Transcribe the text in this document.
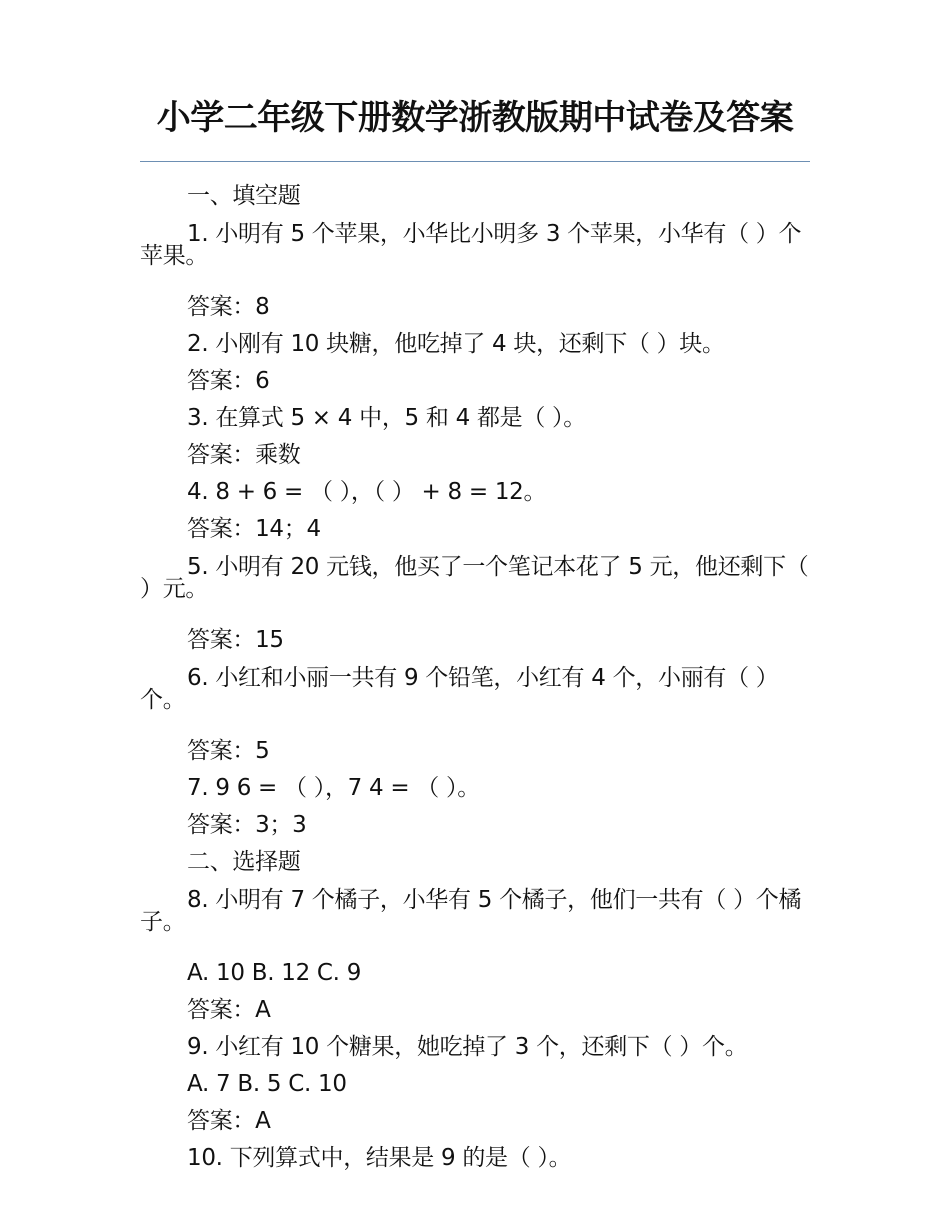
小学二年级下册数学浙教版期中试卷及答案
一、填空题
1. 小明有 5 个苹果，小华比小明多 3 个苹果，小华有（ ）个苹果。
答案：8
2. 小刚有 10 块糖，他吃掉了 4 块，还剩下（ ）块。
答案：6
3. 在算式 5 × 4 中，5 和 4 都是（ ）。
答案：乘数
4. 8 + 6 = （ ），（ ） + 8 = 12。
答案：14；4
5. 小明有 20 元钱，他买了一个笔记本花了 5 元，他还剩下（ ）元。
答案：15
6. 小红和小丽一共有 9 个铅笔，小红有 4 个，小丽有（ ）个。
答案：5
7. 9 6 = （ ），7 4 = （ ）。
答案：3；3
二、选择题
8. 小明有 7 个橘子，小华有 5 个橘子，他们一共有（ ）个橘子。
A. 10 B. 12 C. 9
答案：A
9. 小红有 10 个糖果，她吃掉了 3 个，还剩下（ ）个。
A. 7 B. 5 C. 10
答案：A
10. 下列算式中，结果是 9 的是（ ）。
